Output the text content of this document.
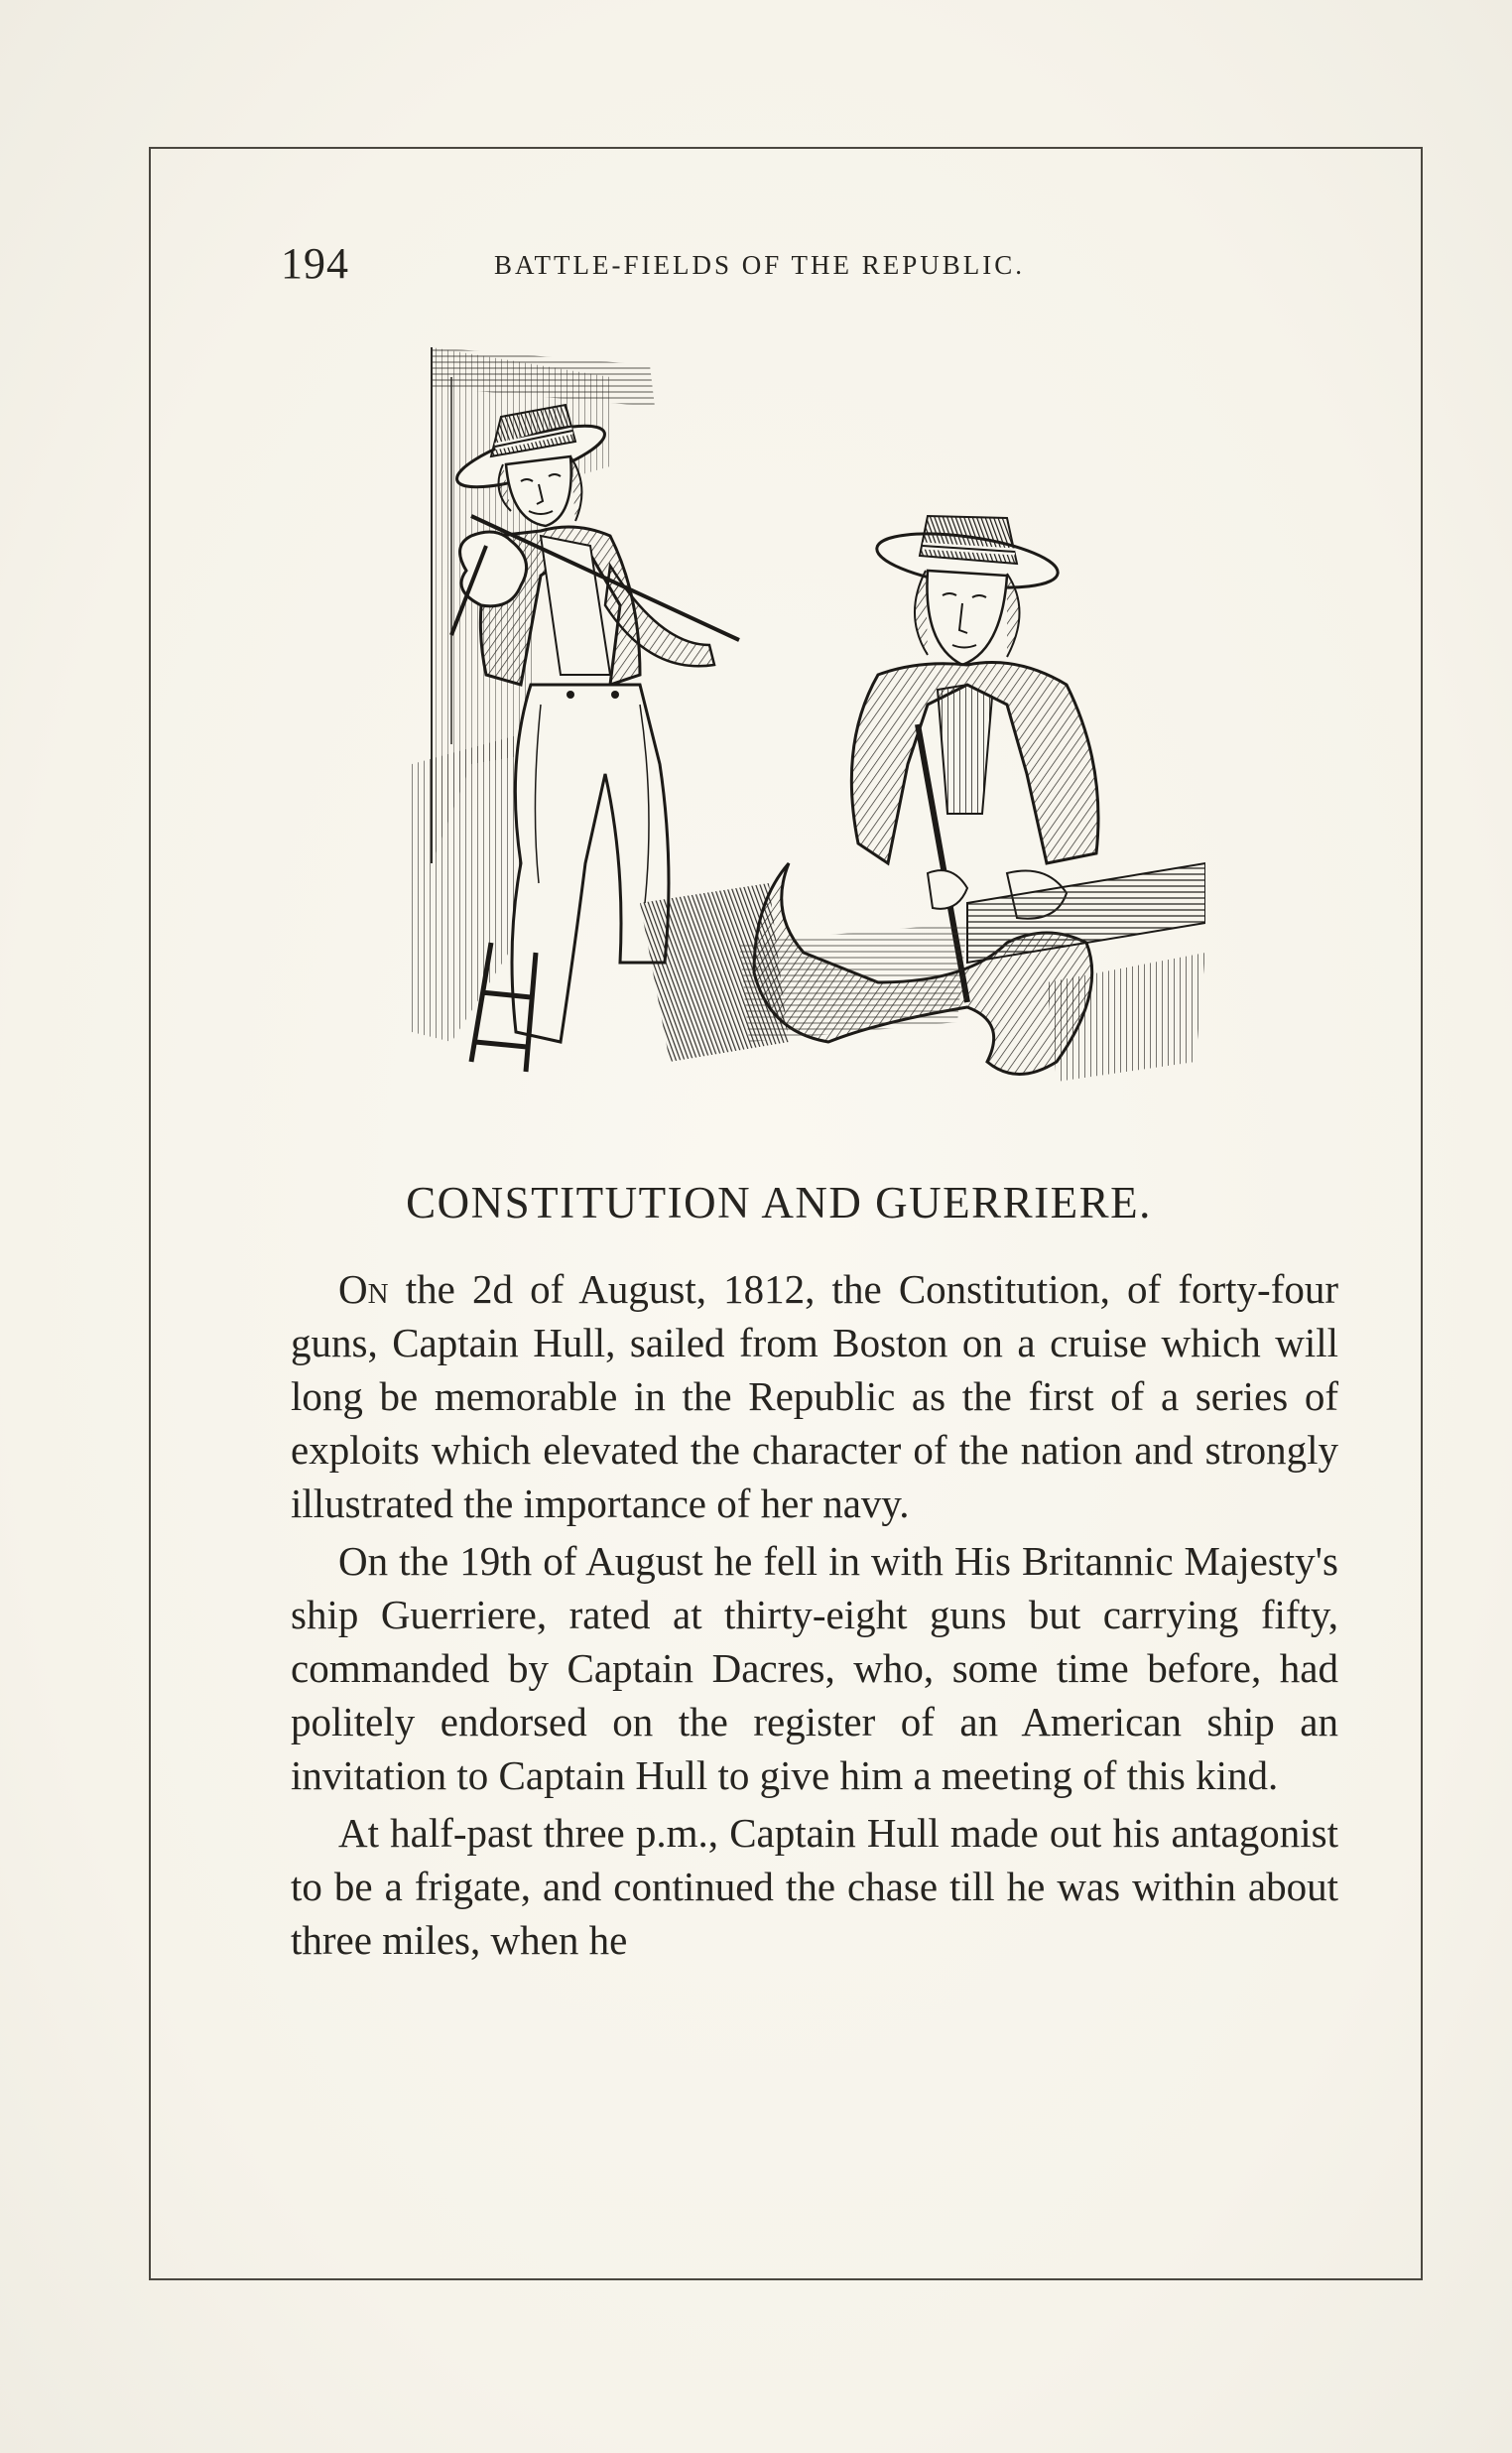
194	BATTLE-FIELDS OF THE REPUBLIC.
CONSTITUTION AND GUERRIERE.

On the 2d of August, 1812, the Constitution, of forty-four guns, Captain Hull, sailed from Boston on a cruise which will long be memorable in the Republic as the first of a series of exploits which elevated the character of the nation and strongly illustrated the importance of her navy.

On the 19th of August he fell in with His Britannic Majesty's ship Guerriere, rated at thirty-eight guns but carrying fifty, commanded by Captain Dacres, who, some time before, had politely endorsed on the register of an American ship an invitation to Captain Hull to give him a meeting of this kind.

At half-past three p.m., Captain Hull made out his antagonist to be a frigate, and continued the chase till he was within about three miles, when he
